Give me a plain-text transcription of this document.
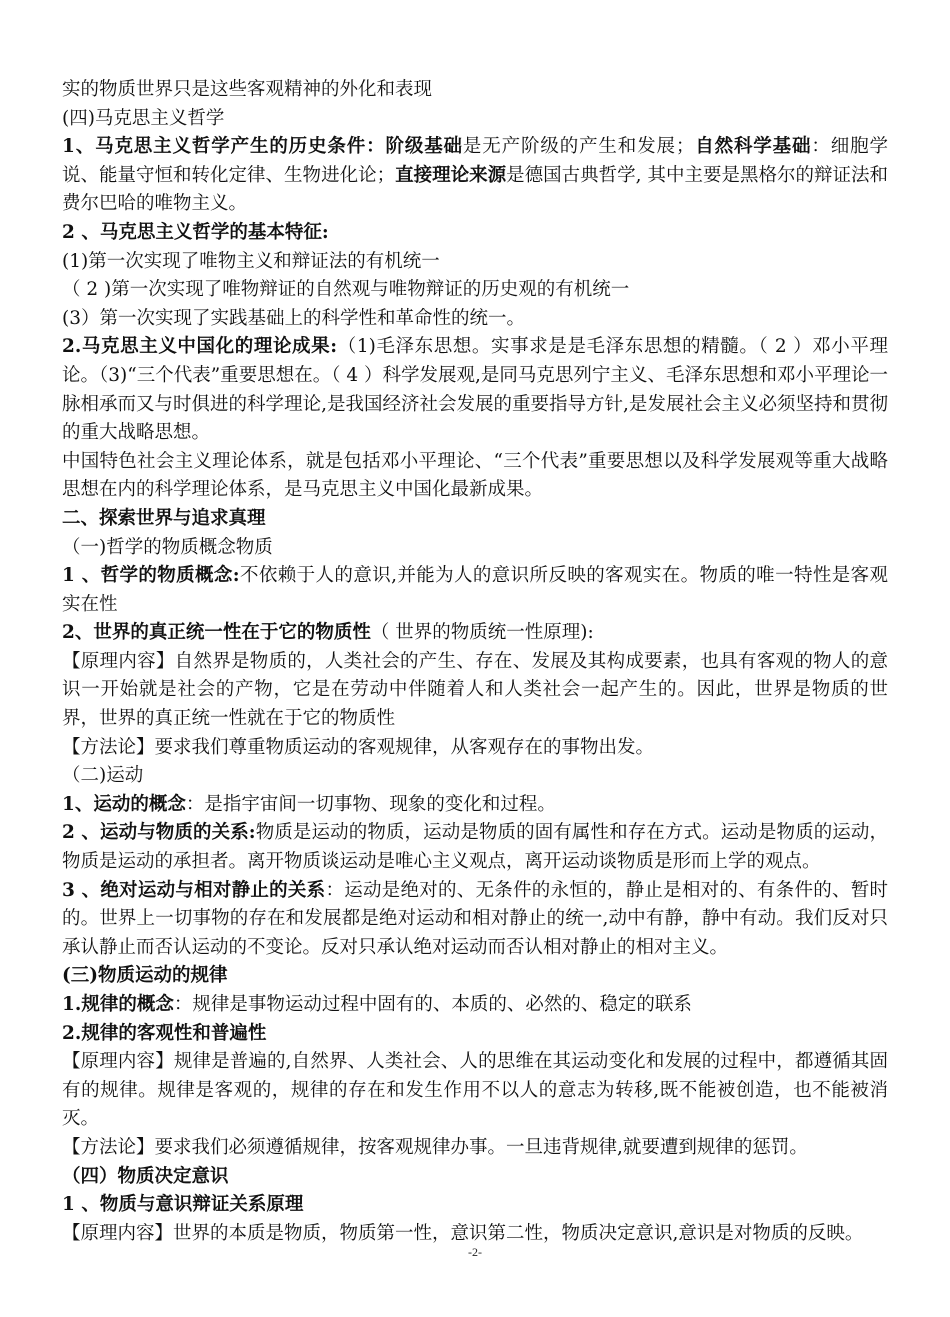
实的物质世界只是这些客观精神的外化和表现

(四)马克思主义哲学

1、马克思主义哲学产生的历史条件：阶级基础是无产阶级的产生和发展；自然科学基础：细胞学说、能量守恒和转化定律、生物进化论；直接理论来源是德国古典哲学, 其中主要是黑格尔的辩证法和费尔巴哈的唯物主义。

2 、马克思主义哲学的基本特征:

(1)第一次实现了唯物主义和辩证法的有机统一

（ 2 )第一次实现了唯物辩证的自然观与唯物辩证的历史观的有机统一

(3）第一次实现了实践基础上的科学性和革命性的统一。

2.马克思主义中国化的理论成果:（1)毛泽东思想。实事求是是毛泽东思想的精髓。（ 2 ）邓小平理论。（3)“三个代表”重要思想在。（ 4 ）科学发展观,是同马克思列宁主义、毛泽东思想和邓小平理论一脉相承而又与时俱进的科学理论,是我国经济社会发展的重要指导方针,是发展社会主义必须坚持和贯彻的重大战略思想。

中国特色社会主义理论体系，就是包括邓小平理论、“三个代表”重要思想以及科学发展观等重大战略思想在内的科学理论体系，是马克思主义中国化最新成果。

二、探索世界与追求真理

（一)哲学的物质概念物质

1 、哲学的物质概念:不依赖于人的意识,并能为人的意识所反映的客观实在。物质的唯一特性是客观实在性

2、世界的真正统一性在于它的物质性（ 世界的物质统一性原理):

【原理内容】自然界是物质的，人类社会的产生、存在、发展及其构成要素，也具有客观的物人的意识一开始就是社会的产物，它是在劳动中伴随着人和人类社会一起产生的。因此，世界是物质的世界，世界的真正统一性就在于它的物质性

【方法论】要求我们尊重物质运动的客观规律，从客观存在的事物出发。

（二)运动

1、运动的概念：是指宇宙间一切事物、现象的变化和过程。

2 、运动与物质的关系:物质是运动的物质，运动是物质的固有属性和存在方式。运动是物质的运动，物质是运动的承担者。离开物质谈运动是唯心主义观点，离开运动谈物质是形而上学的观点。

3 、绝对运动与相对静止的关系：运动是绝对的、无条件的永恒的，静止是相对的、有条件的、暂时的。世界上一切事物的存在和发展都是绝对运动和相对静止的统一,动中有静，静中有动。我们反对只承认静止而否认运动的不变论。反对只承认绝对运动而否认相对静止的相对主义。

(三)物质运动的规律

1.规律的概念：规律是事物运动过程中固有的、本质的、必然的、稳定的联系

2.规律的客观性和普遍性

【原理内容】规律是普遍的,自然界、人类社会、人的思维在其运动变化和发展的过程中，都遵循其固有的规律。规律是客观的，规律的存在和发生作用不以人的意志为转移,既不能被创造，也不能被消灭。

【方法论】要求我们必须遵循规律，按客观规律办事。一旦违背规律,就要遭到规律的惩罚。

（四）物质决定意识

1 、物质与意识辩证关系原理

【原理内容】世界的本质是物质，物质第一性，意识第二性，物质决定意识,意识是对物质的反映。

-2-
